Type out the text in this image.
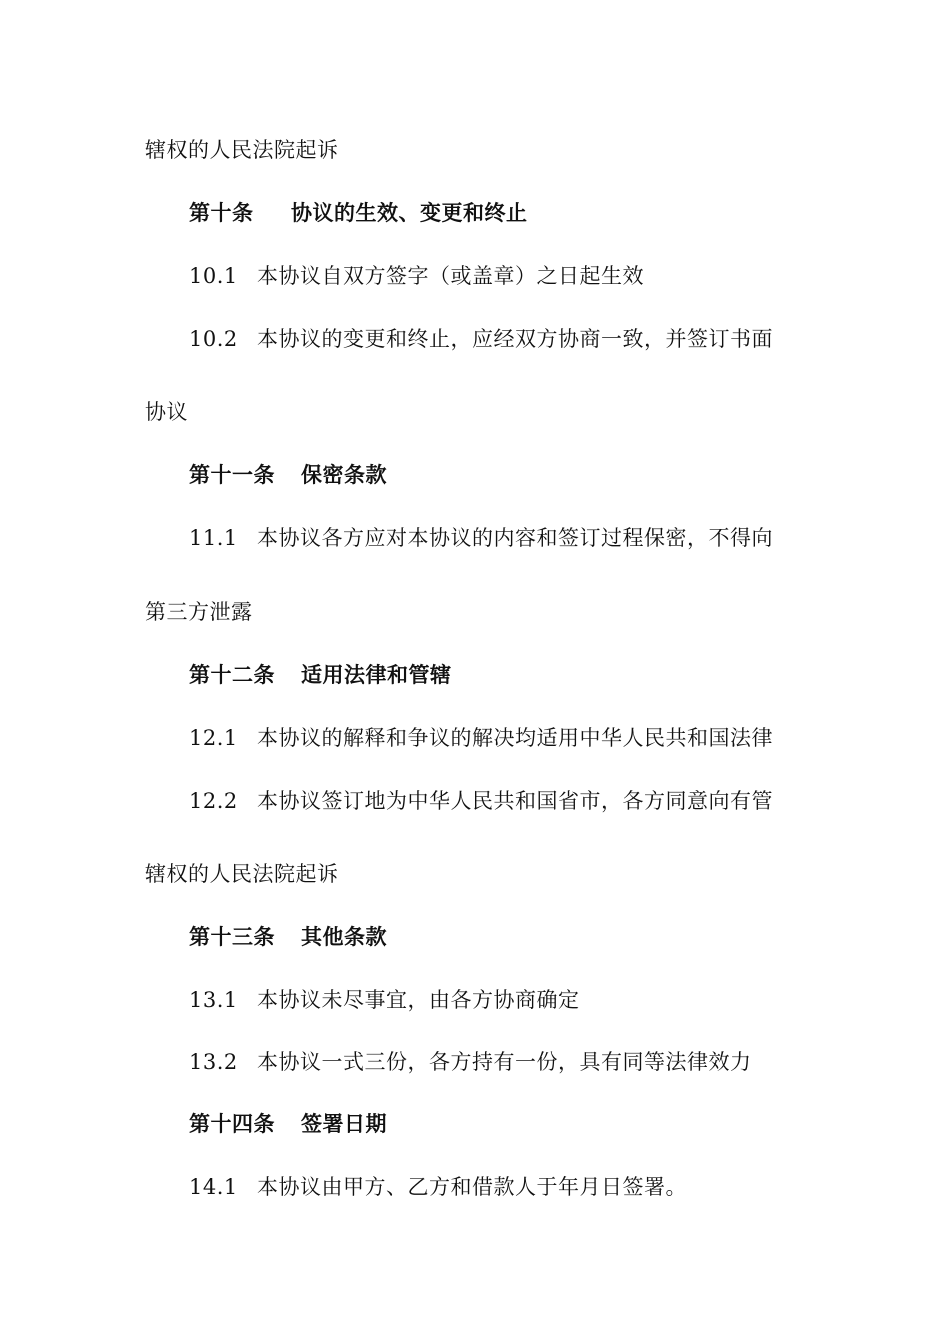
辖权的人民法院起诉
第十条 协议的生效、变更和终止
10.1 本协议自双方签字（或盖章）之日起生效
10.2 本协议的变更和终止，应经双方协商一致，并签订书面
协议
第十一条 保密条款
11.1 本协议各方应对本协议的内容和签订过程保密，不得向
第三方泄露
第十二条 适用法律和管辖
12.1 本协议的解释和争议的解决均适用中华人民共和国法律
12.2 本协议签订地为中华人民共和国省市，各方同意向有管
辖权的人民法院起诉
第十三条 其他条款
13.1 本协议未尽事宜，由各方协商确定
13.2 本协议一式三份，各方持有一份，具有同等法律效力
第十四条 签署日期
14.1 本协议由甲方、乙方和借款人于年月日签署。
